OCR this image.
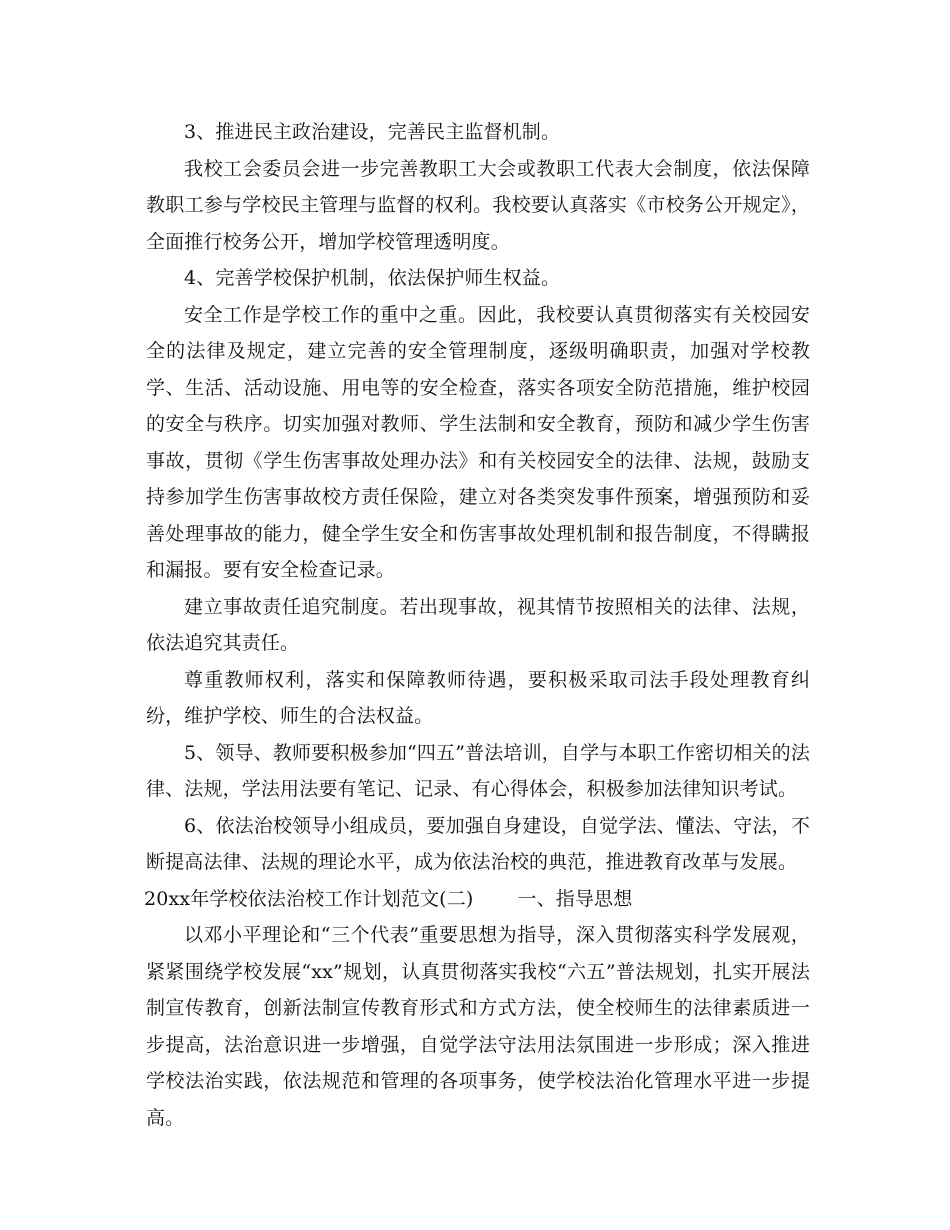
3、推进民主政治建设，完善民主监督机制。

我校工会委员会进一步完善教职工大会或教职工代表大会制度，依法保障教职工参与学校民主管理与监督的权利。我校要认真落实《市校务公开规定》，全面推行校务公开，增加学校管理透明度。

4、完善学校保护机制，依法保护师生权益。

安全工作是学校工作的重中之重。因此，我校要认真贯彻落实有关校园安全的法律及规定，建立完善的安全管理制度，逐级明确职责，加强对学校教学、生活、活动设施、用电等的安全检查，落实各项安全防范措施，维护校园的安全与秩序。切实加强对教师、学生法制和安全教育，预防和减少学生伤害事故，贯彻《学生伤害事故处理办法》和有关校园安全的法律、法规，鼓励支持参加学生伤害事故校方责任保险，建立对各类突发事件预案，增强预防和妥善处理事故的能力，健全学生安全和伤害事故处理机制和报告制度，不得瞒报和漏报。要有安全检查记录。

建立事故责任追究制度。若出现事故，视其情节按照相关的法律、法规，依法追究其责任。

尊重教师权利，落实和保障教师待遇，要积极采取司法手段处理教育纠纷，维护学校、师生的合法权益。

5、领导、教师要积极参加“四五”普法培训，自学与本职工作密切相关的法律、法规，学法用法要有笔记、记录、有心得体会，积极参加法律知识考试。

6、依法治校领导小组成员，要加强自身建设，自觉学法、懂法、守法，不断提高法律、法规的理论水平，成为依法治校的典范，推进教育改革与发展。

20xx年学校依法治校工作计划范文(二) 一、指导思想

以邓小平理论和“三个代表”重要思想为指导，深入贯彻落实科学发展观，紧紧围绕学校发展“xx”规划，认真贯彻落实我校“六五”普法规划，扎实开展法制宣传教育，创新法制宣传教育形式和方式方法，使全校师生的法律素质进一步提高，法治意识进一步增强，自觉学法守法用法氛围进一步形成；深入推进学校法治实践，依法规范和管理的各项事务，使学校法治化管理水平进一步提高。
